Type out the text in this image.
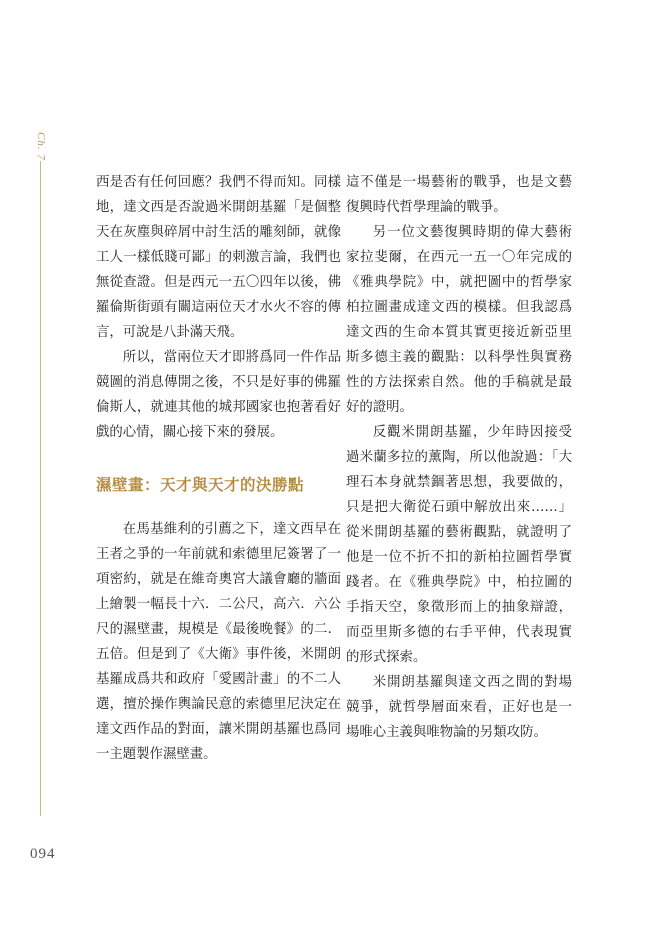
Ch. 7

西是否有任何回應？我們不得而知。同樣地，達文西是否說過米開朗基羅「是個整天在灰塵與碎屑中討生活的雕刻師，就像工人一樣低賤可鄙」的刺激言論，我們也無從查證。但是西元一五〇四年以後，佛羅倫斯街頭有關這兩位天才水火不容的傳言，可說是八卦滿天飛。

所以，當兩位天才即將爲同一件作品競圖的消息傳開之後，不只是好事的佛羅倫斯人，就連其他的城邦國家也抱著看好戲的心情，關心接下來的發展。

濕壁畫：天才與天才的決勝點

在馬基維利的引薦之下，達文西早在王者之爭的一年前就和索德里尼簽署了一項密約，就是在維奇奧宮大議會廳的牆面上繪製一幅長十六．二公尺，高六．六公尺的濕壁畫，規模是《最後晚餐》的二．五倍。但是到了《大衛》事件後，米開朗基羅成爲共和政府「愛國計畫」的不二人選，擅於操作輿論民意的索德里尼決定在達文西作品的對面，讓米開朗基羅也爲同一主題製作濕壁畫。

這不僅是一場藝術的戰爭，也是文藝復興時代哲學理論的戰爭。

另一位文藝復興時期的偉大藝術家拉斐爾，在西元一五一〇年完成的《雅典學院》中，就把圖中的哲學家柏拉圖畫成達文西的模樣。但我認爲達文西的生命本質其實更接近新亞里斯多德主義的觀點：以科學性與實務性的方法探索自然。他的手稿就是最好的證明。

反觀米開朗基羅，少年時因接受過米蘭多拉的薰陶，所以他說過：「大理石本身就禁錮著思想，我要做的，只是把大衛從石頭中解放出來……」從米開朗基羅的藝術觀點，就證明了他是一位不折不扣的新柏拉圖哲學實踐者。在《雅典學院》中，柏拉圖的手指天空，象徵形而上的抽象辯證，而亞里斯多德的右手平伸，代表現實的形式探索。

米開朗基羅與達文西之間的對場競爭，就哲學層面來看，正好也是一場唯心主義與唯物論的另類攻防。

094
